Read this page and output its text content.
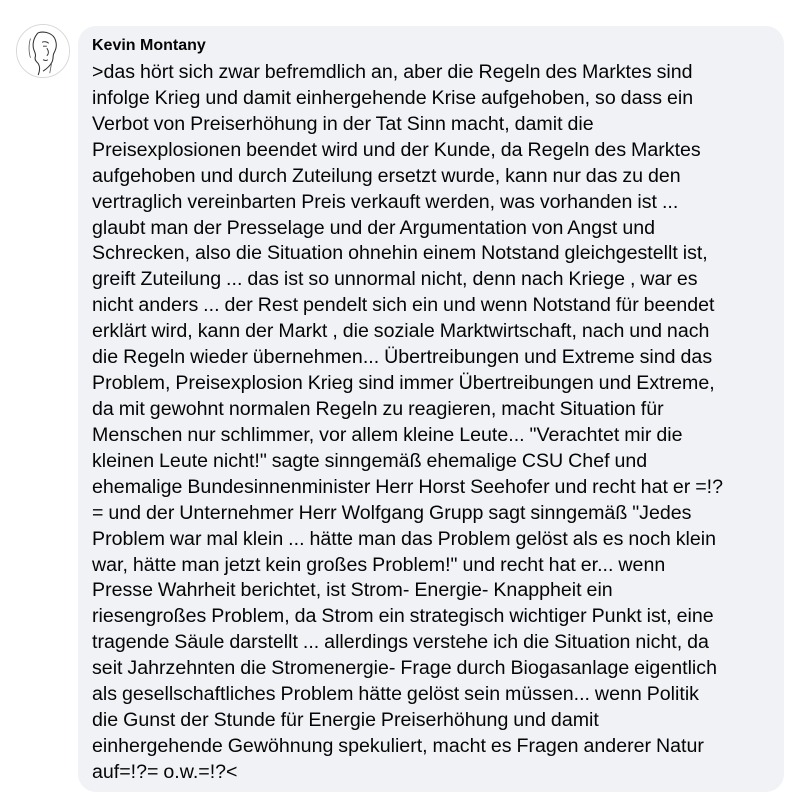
Kevin Montany
>das hört sich zwar befremdlich an, aber die Regeln des Marktes sind
infolge Krieg und damit einhergehende Krise aufgehoben, so dass ein
Verbot von Preiserhöhung in der Tat Sinn macht, damit die
Preisexplosionen beendet wird und der Kunde, da Regeln des Marktes
aufgehoben und durch Zuteilung ersetzt wurde, kann nur das zu den
vertraglich vereinbarten Preis verkauft werden, was vorhanden ist ...
glaubt man der Presselage und der Argumentation von Angst und
Schrecken, also die Situation ohnehin einem Notstand gleichgestellt ist,
greift Zuteilung ... das ist so unnormal nicht, denn nach Kriege , war es
nicht anders ... der Rest pendelt sich ein und wenn Notstand für beendet
erklärt wird, kann der Markt , die soziale Marktwirtschaft, nach und nach
die Regeln wieder übernehmen... Übertreibungen und Extreme sind das
Problem, Preisexplosion Krieg sind immer Übertreibungen und Extreme,
da mit gewohnt normalen Regeln zu reagieren, macht Situation für
Menschen nur schlimmer, vor allem kleine Leute... "Verachtet mir die
kleinen Leute nicht!" sagte sinngemäß ehemalige CSU Chef und
ehemalige Bundesinnenminister Herr Horst Seehofer und recht hat er =!?
= und der Unternehmer Herr Wolfgang Grupp sagt sinngemäß "Jedes
Problem war mal klein ... hätte man das Problem gelöst als es noch klein
war, hätte man jetzt kein großes Problem!" und recht hat er... wenn
Presse Wahrheit berichtet, ist Strom- Energie- Knappheit ein
riesengroßes Problem, da Strom ein strategisch wichtiger Punkt ist, eine
tragende Säule darstellt ... allerdings verstehe ich die Situation nicht, da
seit Jahrzehnten die Stromenergie- Frage durch Biogasanlage eigentlich
als gesellschaftliches Problem hätte gelöst sein müssen... wenn Politik
die Gunst der Stunde für Energie Preiserhöhung und damit
einhergehende Gewöhnung spekuliert, macht es Fragen anderer Natur
auf=!?= o.w.=!?<
